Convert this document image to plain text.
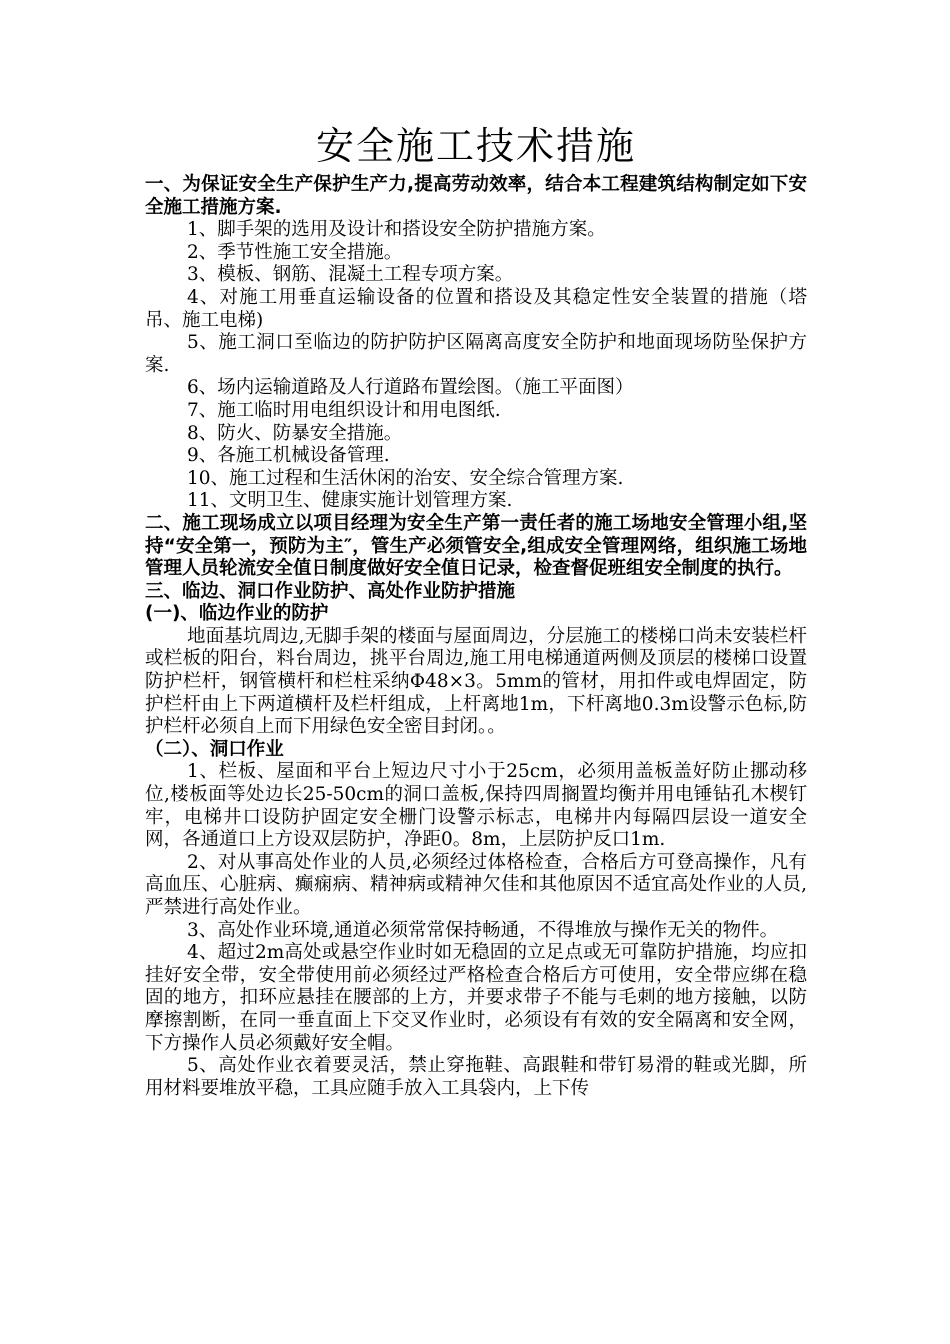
安全施工技术措施

一、为保证安全生产保护生产力,提高劳动效率，结合本工程建筑结构制定如下安全施工措施方案.

1、脚手架的选用及设计和搭设安全防护措施方案。

2、季节性施工安全措施。

3、模板、钢筋、混凝土工程专项方案。

4、对施工用垂直运输设备的位置和搭设及其稳定性安全装置的措施（塔吊、施工电梯)

5、施工洞口至临边的防护防护区隔离高度安全防护和地面现场防坠保护方案.

6、场内运输道路及人行道路布置绘图。（施工平面图）

7、施工临时用电组织设计和用电图纸.

8、防火、防暴安全措施。

9、各施工机械设备管理.

10、施工过程和生活休闲的治安、安全综合管理方案.

11、文明卫生、健康实施计划管理方案.

二、施工现场成立以项目经理为安全生产第一责任者的施工场地安全管理小组,坚持“安全第一，预防为主″，管生产必须管安全,组成安全管理网络，组织施工场地管理人员轮流安全值日制度做好安全值日记录，检查督促班组安全制度的执行。

三、临边、洞口作业防护、高处作业防护措施

(一)、临边作业的防护

地面基坑周边,无脚手架的楼面与屋面周边，分层施工的楼梯口尚未安装栏杆或栏板的阳台，料台周边，挑平台周边,施工用电梯通道两侧及顶层的楼梯口设置防护栏杆，钢管横杆和栏柱采纳Φ48×3。5mm的管材，用扣件或电焊固定，防护栏杆由上下两道横杆及栏杆组成，上杆离地1m，下杆离地0.3m设警示色标,防护栏杆必须自上而下用绿色安全密目封闭。。

（二）、洞口作业

1、栏板、屋面和平台上短边尺寸小于25cm，必须用盖板盖好防止挪动移位,楼板面等处边长25-50cm的洞口盖板,保持四周搁置均衡并用电锤钻孔木楔钉牢，电梯井口设防护固定安全栅门设警示标志，电梯井内每隔四层设一道安全网，各通道口上方设双层防护，净距0。8m，上层防护反口1m.

2、对从事高处作业的人员,必须经过体格检查，合格后方可登高操作，凡有高血压、心脏病、癫痫病、精神病或精神欠佳和其他原因不适宜高处作业的人员,严禁进行高处作业。

3、高处作业环境,通道必须常常保持畅通，不得堆放与操作无关的物件。

4、超过2m高处或悬空作业时如无稳固的立足点或无可靠防护措施，均应扣挂好安全带，安全带使用前必须经过严格检查合格后方可使用，安全带应绑在稳固的地方，扣环应悬挂在腰部的上方，并要求带子不能与毛刺的地方接触，以防摩擦割断，在同一垂直面上下交叉作业时，必须设有有效的安全隔离和安全网，下方操作人员必须戴好安全帽。

5、高处作业衣着要灵活，禁止穿拖鞋、高跟鞋和带钉易滑的鞋或光脚，所用材料要堆放平稳，工具应随手放入工具袋内，上下传
